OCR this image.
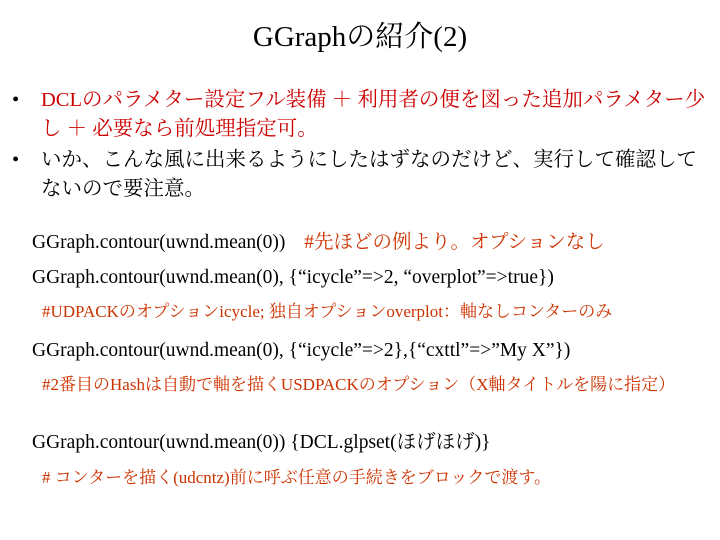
GGraphの紹介(2)
• DCLのパラメター設定フル装備 ＋ 利用者の便を図った追加パラメター少し ＋ 必要なら前処理指定可。
• いか、こんな風に出来るようにしたはずなのだけど、実行して確認してないので要注意。
GGraph.contour(uwnd.mean(0)) #先ほどの例より。オプションなし
GGraph.contour(uwnd.mean(0), {“icycle”=>2, “overplot”=>true})
#UDPACKのオプションicycle; 独自オプションoverplot：軸なしコンターのみ
GGraph.contour(uwnd.mean(0), {“icycle”=>2},{“cxttl”=>”My X”})
#2番目のHashは自動で軸を描くUSDPACKのオプション（X軸タイトルを陽に指定）
GGraph.contour(uwnd.mean(0)) {DCL.glpset(ほげほげ)}
# コンターを描く(udcntz)前に呼ぶ任意の手続きをブロックで渡す。
